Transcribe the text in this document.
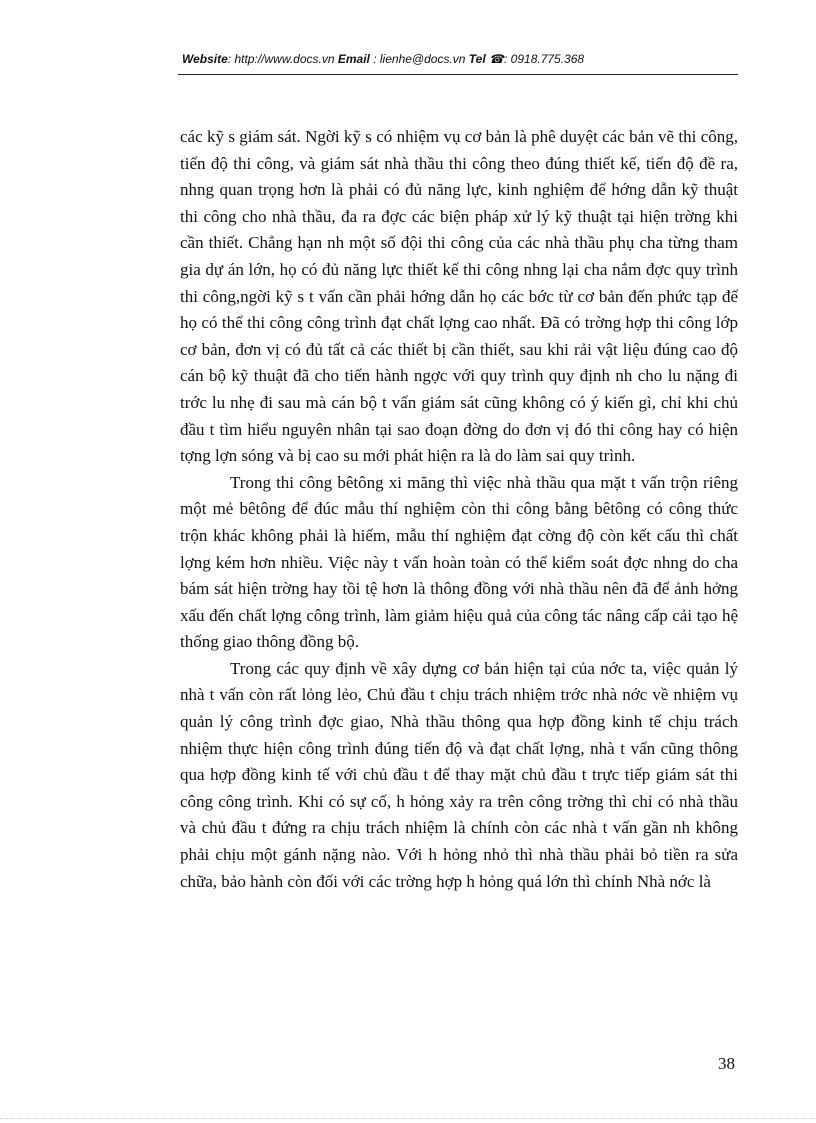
Website: http://www.docs.vn Email : lienhe@docs.vn Tel ☎: 0918.775.368

các kỹ s giám sát. Ngời kỹ s có nhiệm vụ cơ bản là phê duyệt các bản vẽ thi công, tiến độ thi công, và giám sát nhà thầu thi công theo đúng thiết kế, tiến độ đề ra, nhng quan trọng hơn là phải có đủ năng lực, kinh nghiệm để hớng dẫn kỹ thuật thi công cho nhà thầu, đa ra đợc các biện pháp xử lý kỹ thuật tại hiện trờng khi cần thiết. Chẳng hạn nh một số đội thi công của các nhà thầu phụ cha từng tham gia dự án lớn, họ có đủ năng lực thiết kế thi công nhng lại cha nắm đợc quy trình thi công,ngời kỹ s t vấn cần phải hớng dẫn họ các bớc từ cơ bản đến phức tạp để họ có thể thi công công trình đạt chất lợng cao nhất. Đã có trờng hợp thi công lớp cơ bản, đơn vị có đủ tất cả các thiết bị cần thiết, sau khi rải vật liệu đúng cao độ cán bộ kỹ thuật đã cho tiến hành ngợc với quy trình quy định nh cho lu nặng đi trớc lu nhẹ đi sau mà cán bộ t vấn giám sát cũng không có ý kiến gì, chỉ khi chủ đầu t tìm hiểu nguyên nhân tại sao đoạn đờng do đơn vị đó thi công hay có hiện tợng lợn sóng và bị cao su mới phát hiện ra là do làm sai quy trình.

Trong thi công bêtông xi măng thì việc nhà thầu qua mặt t vấn trộn riêng một mẻ bêtông để đúc mẫu thí nghiệm còn thi công bằng bêtông có công thức trộn khác không phải là hiếm, mẫu thí nghiệm đạt cờng độ còn kết cấu thì chất lợng kém hơn nhiều. Việc này t vấn hoàn toàn có thể kiểm soát đợc nhng do cha bám sát hiện trờng hay tồi tệ hơn là thông đồng với nhà thầu nên đã để ảnh hởng xấu đến chất lợng công trình, làm giảm hiệu quả của công tác nâng cấp cải tạo hệ thống giao thông đồng bộ.

Trong các quy định về xây dựng cơ bản hiện tại của nớc ta, việc quản lý nhà t vấn còn rất lỏng lẻo, Chủ đầu t chịu trách nhiệm trớc nhà nớc về nhiệm vụ quản lý công trình đợc giao, Nhà thầu thông qua hợp đồng kinh tế chịu trách nhiệm thực hiện công trình đúng tiến độ và đạt chất lợng, nhà t vấn cũng thông qua hợp đồng kinh tế với chủ đầu t để thay mặt chủ đầu t trực tiếp giám sát thi công công trình. Khi có sự cố, h hỏng xảy ra trên công trờng thì chỉ có nhà thầu và chủ đầu t đứng ra chịu trách nhiệm là chính còn các nhà t vấn gần nh không phải chịu một gánh nặng nào. Với h hỏng nhỏ thì nhà thầu phải bỏ tiền ra sửa chữa, bảo hành còn đối với các trờng hợp h hỏng quá lớn thì chính Nhà nớc là

38
